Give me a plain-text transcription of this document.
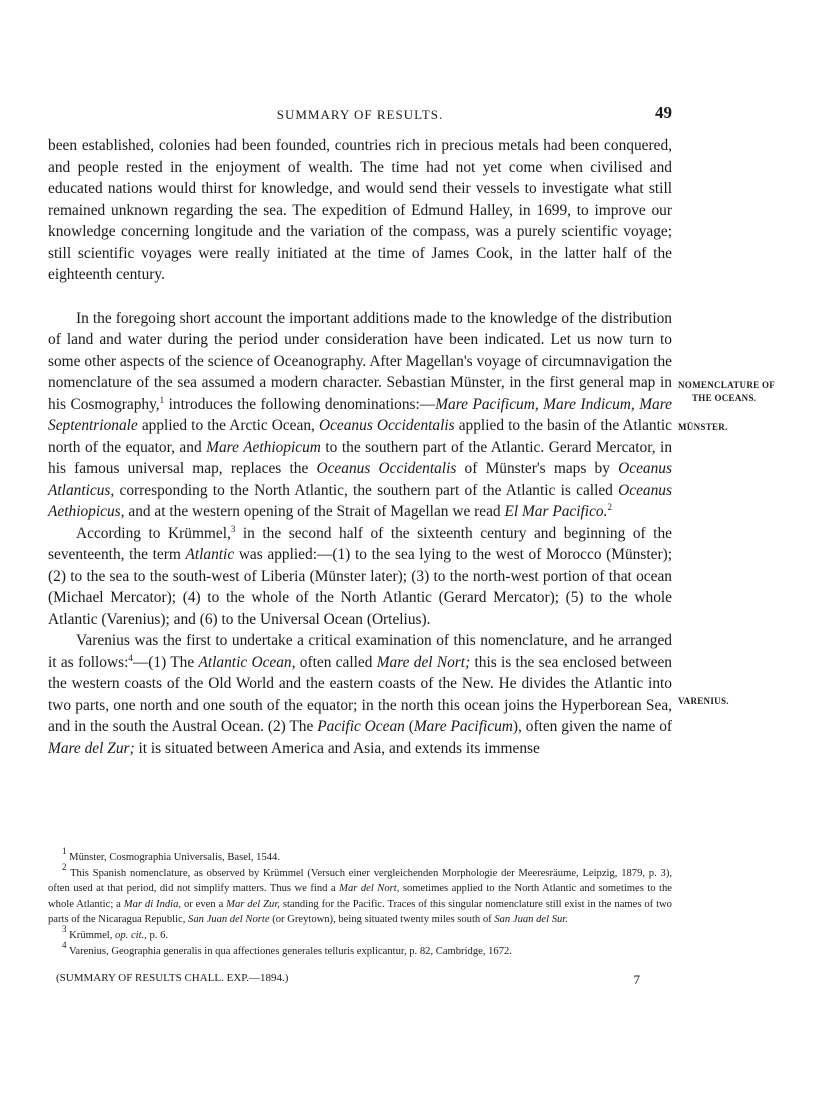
SUMMARY OF RESULTS.	49

been established, colonies had been founded, countries rich in precious metals had been conquered, and people rested in the enjoyment of wealth. The time had not yet come when civilised and educated nations would thirst for knowledge, and would send their vessels to investigate what still remained unknown regarding the sea. The expedition of Edmund Halley, in 1699, to improve our knowledge concerning longitude and the variation of the compass, was a purely scientific voyage; still scientific voyages were really initiated at the time of James Cook, in the latter half of the eighteenth century.

In the foregoing short account the important additions made to the knowledge of the distribution of land and water during the period under consideration have been indicated. Let us now turn to some other aspects of the science of Oceanography. After Magellan's voyage of circumnavigation the nomenclature of the sea assumed a modern character. Sebastian Münster, in the first general map in his Cosmography,$^1$ introduces the following denominations:—Mare Pacificum, Mare Indicum, Mare Septentrionale applied to the Arctic Ocean, Oceanus Occidentalis applied to the basin of the Atlantic north of the equator, and Mare Aethiopicum to the southern part of the Atlantic. Gerard Mercator, in his famous universal map, replaces the Oceanus Occidentalis of Münster's maps by Oceanus Atlanticus, corresponding to the North Atlantic, the southern part of the Atlantic is called Oceanus Aethiopicus, and at the western opening of the Strait of Magellan we read El Mar Pacifico.$^2$

According to Krümmel,$^3$ in the second half of the sixteenth century and beginning of the seventeenth, the term Atlantic was applied:—(1) to the sea lying to the west of Morocco (Münster); (2) to the sea to the south-west of Liberia (Münster later); (3) to the north-west portion of that ocean (Michael Mercator); (4) to the whole of the North Atlantic (Gerard Mercator); (5) to the whole Atlantic (Varenius); and (6) to the Universal Ocean (Ortelius).

Varenius was the first to undertake a critical examination of this nomenclature, and he arranged it as follows:$^4$—(1) The Atlantic Ocean, often called Mare del Nort; this is the sea enclosed between the western coasts of the Old World and the eastern coasts of the New. He divides the Atlantic into two parts, one north and one south of the equator; in the north this ocean joins the Hyperborean Sea, and in the south the Austral Ocean. (2) The Pacific Ocean (Mare Pacificum), often given the name of Mare del Zur; it is situated between America and Asia, and extends its immense

NOMENCLATURE OF
THE OCEANS.
MÜNSTER.
VARENIUS.

$^1$ Münster, Cosmographia Universalis, Basel, 1544.

$^2$ This Spanish nomenclature, as observed by Krümmel (Versuch einer vergleichenden Morphologie der Meeresräume, Leipzig, 1879, p. 3), often used at that period, did not simplify matters. Thus we find a Mar del Nort, sometimes applied to the North Atlantic and sometimes to the whole Atlantic; a Mar di India, or even a Mar del Zur, standing for the Pacific. Traces of this singular nomenclature still exist in the names of two parts of the Nicaragua Republic, San Juan del Norte (or Greytown), being situated twenty miles south of San Juan del Sur.

$^3$ Krümmel, op. cit., p. 6.

$^4$ Varenius, Geographia generalis in qua affectiones generales telluris explicantur, p. 82, Cambridge, 1672.

(SUMMARY OF RESULTS CHALL. EXP.—1894.)	7
